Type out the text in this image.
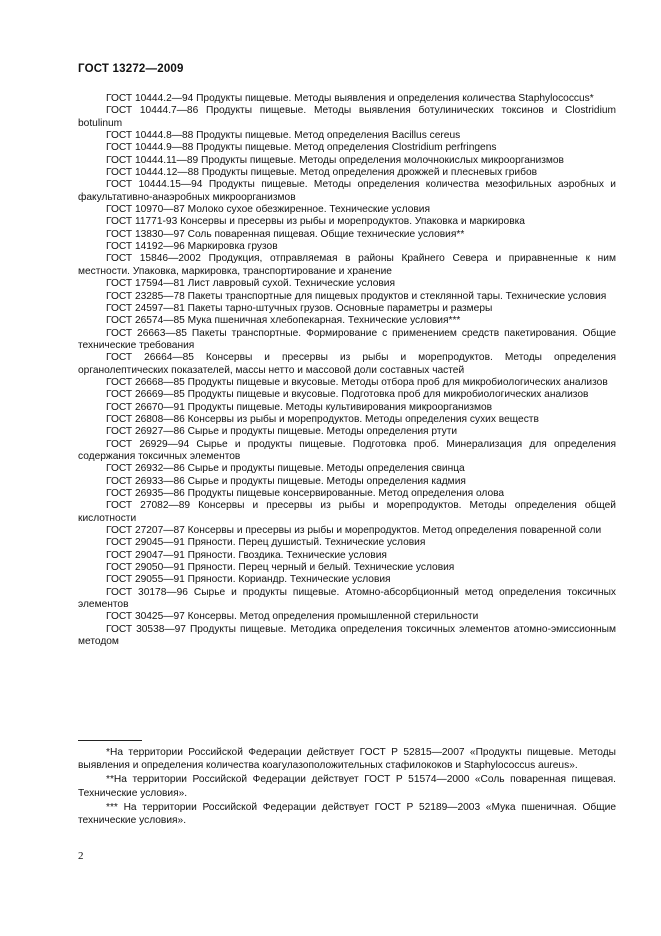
ГОСТ 13272—2009

ГОСТ 10444.2—94 Продукты пищевые. Методы выявления и определения количества Staphylococcus*

ГОСТ 10444.7—86 Продукты пищевые. Методы выявления ботулинических токсинов и Clostridium botulinum

ГОСТ 10444.8—88 Продукты пищевые. Метод определения Bacillus cereus

ГОСТ 10444.9—88 Продукты пищевые. Метод определения Clostridium perfringens

ГОСТ 10444.11—89 Продукты пищевые. Методы определения молочнокислых микроорганизмов

ГОСТ 10444.12—88 Продукты пищевые. Метод определения дрожжей и плесневых грибов

ГОСТ 10444.15—94 Продукты пищевые. Методы определения количества мезофильных аэробных и факультативно-анаэробных микроорганизмов

ГОСТ 10970—87 Молоко сухое обезжиренное. Технические условия

ГОСТ 11771-93 Консервы и пресервы из рыбы и морепродуктов. Упаковка и маркировка

ГОСТ 13830—97 Соль поваренная пищевая. Общие технические условия**

ГОСТ 14192—96 Маркировка грузов

ГОСТ 15846—2002 Продукция, отправляемая в районы Крайнего Севера и приравненные к ним местности. Упаковка, маркировка, транспортирование и хранение

ГОСТ 17594—81 Лист лавровый сухой. Технические условия

ГОСТ 23285—78 Пакеты транспортные для пищевых продуктов и стеклянной тары. Технические условия

ГОСТ 24597—81 Пакеты тарно-штучных грузов. Основные параметры и размеры

ГОСТ 26574—85 Мука пшеничная хлебопекарная. Технические условия***

ГОСТ 26663—85 Пакеты транспортные. Формирование с применением средств пакетирования. Общие технические требования

ГОСТ 26664—85 Консервы и пресервы из рыбы и морепродуктов. Методы определения органолептических показателей, массы нетто и массовой доли составных частей

ГОСТ 26668—85 Продукты пищевые и вкусовые. Методы отбора проб для микробиологических анализов

ГОСТ 26669—85 Продукты пищевые и вкусовые. Подготовка проб для микробиологических анализов

ГОСТ 26670—91 Продукты пищевые. Методы культивирования микроорганизмов

ГОСТ 26808—86 Консервы из рыбы и морепродуктов. Методы определения сухих веществ

ГОСТ 26927—86 Сырье и продукты пищевые. Методы определения ртути

ГОСТ 26929—94 Сырье и продукты пищевые. Подготовка проб. Минерализация для определения содержания токсичных элементов

ГОСТ 26932—86 Сырье и продукты пищевые. Методы определения свинца

ГОСТ 26933—86 Сырье и продукты пищевые. Методы определения кадмия

ГОСТ 26935—86 Продукты пищевые консервированные. Метод определения олова

ГОСТ 27082—89 Консервы и пресервы из рыбы и морепродуктов. Методы определения общей кислотности

ГОСТ 27207—87 Консервы и пресервы из рыбы и морепродуктов. Метод определения поваренной соли

ГОСТ 29045—91 Пряности. Перец душистый. Технические условия

ГОСТ 29047—91 Пряности. Гвоздика. Технические условия

ГОСТ 29050—91 Пряности. Перец черный и белый. Технические условия

ГОСТ 29055—91 Пряности. Кориандр. Технические условия

ГОСТ 30178—96 Сырье и продукты пищевые. Атомно-абсорбционный метод определения токсичных элементов

ГОСТ 30425—97 Консервы. Метод определения промышленной стерильности

ГОСТ 30538—97 Продукты пищевые. Методика определения токсичных элементов атомно-эмиссионным методом

*На территории Российской Федерации действует ГОСТ Р 52815—2007 «Продукты пищевые. Методы выявления и определения количества коагулазоположительных стафилококов и Staphylococcus aureus».

**На территории Российской Федерации действует ГОСТ Р 51574—2000 «Соль поваренная пищевая. Технические условия».

*** На территории Российской Федерации действует ГОСТ Р 52189—2003 «Мука пшеничная. Общие технические условия».

2
